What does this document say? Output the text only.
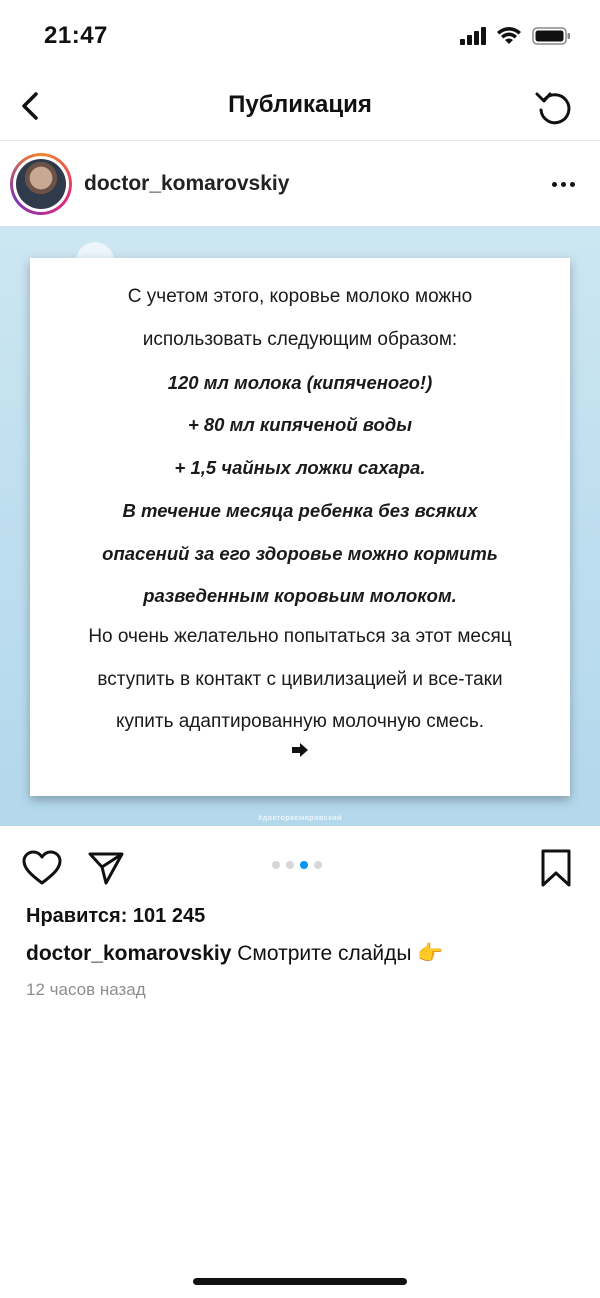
21:47
Публикация
doctor_komarovskiy
С учетом этого, коровье молоко можно
использовать следующим образом:
120 мл молока (кипяченого!)
+ 80 мл кипяченой воды
+ 1,5 чайных ложки сахара.
В течение месяца ребенка без всяких
опасений за его здоровье можно кормить
разведенным коровьим молоком.
Но очень желательно попытаться за этот месяц
вступить в контакт с цивилизацией и все-таки
купить адаптированную молочную смесь.
#докторкомаровский
Нравится: 101 245
doctor_komarovskiy Смотрите слайды 👉
12 часов назад
